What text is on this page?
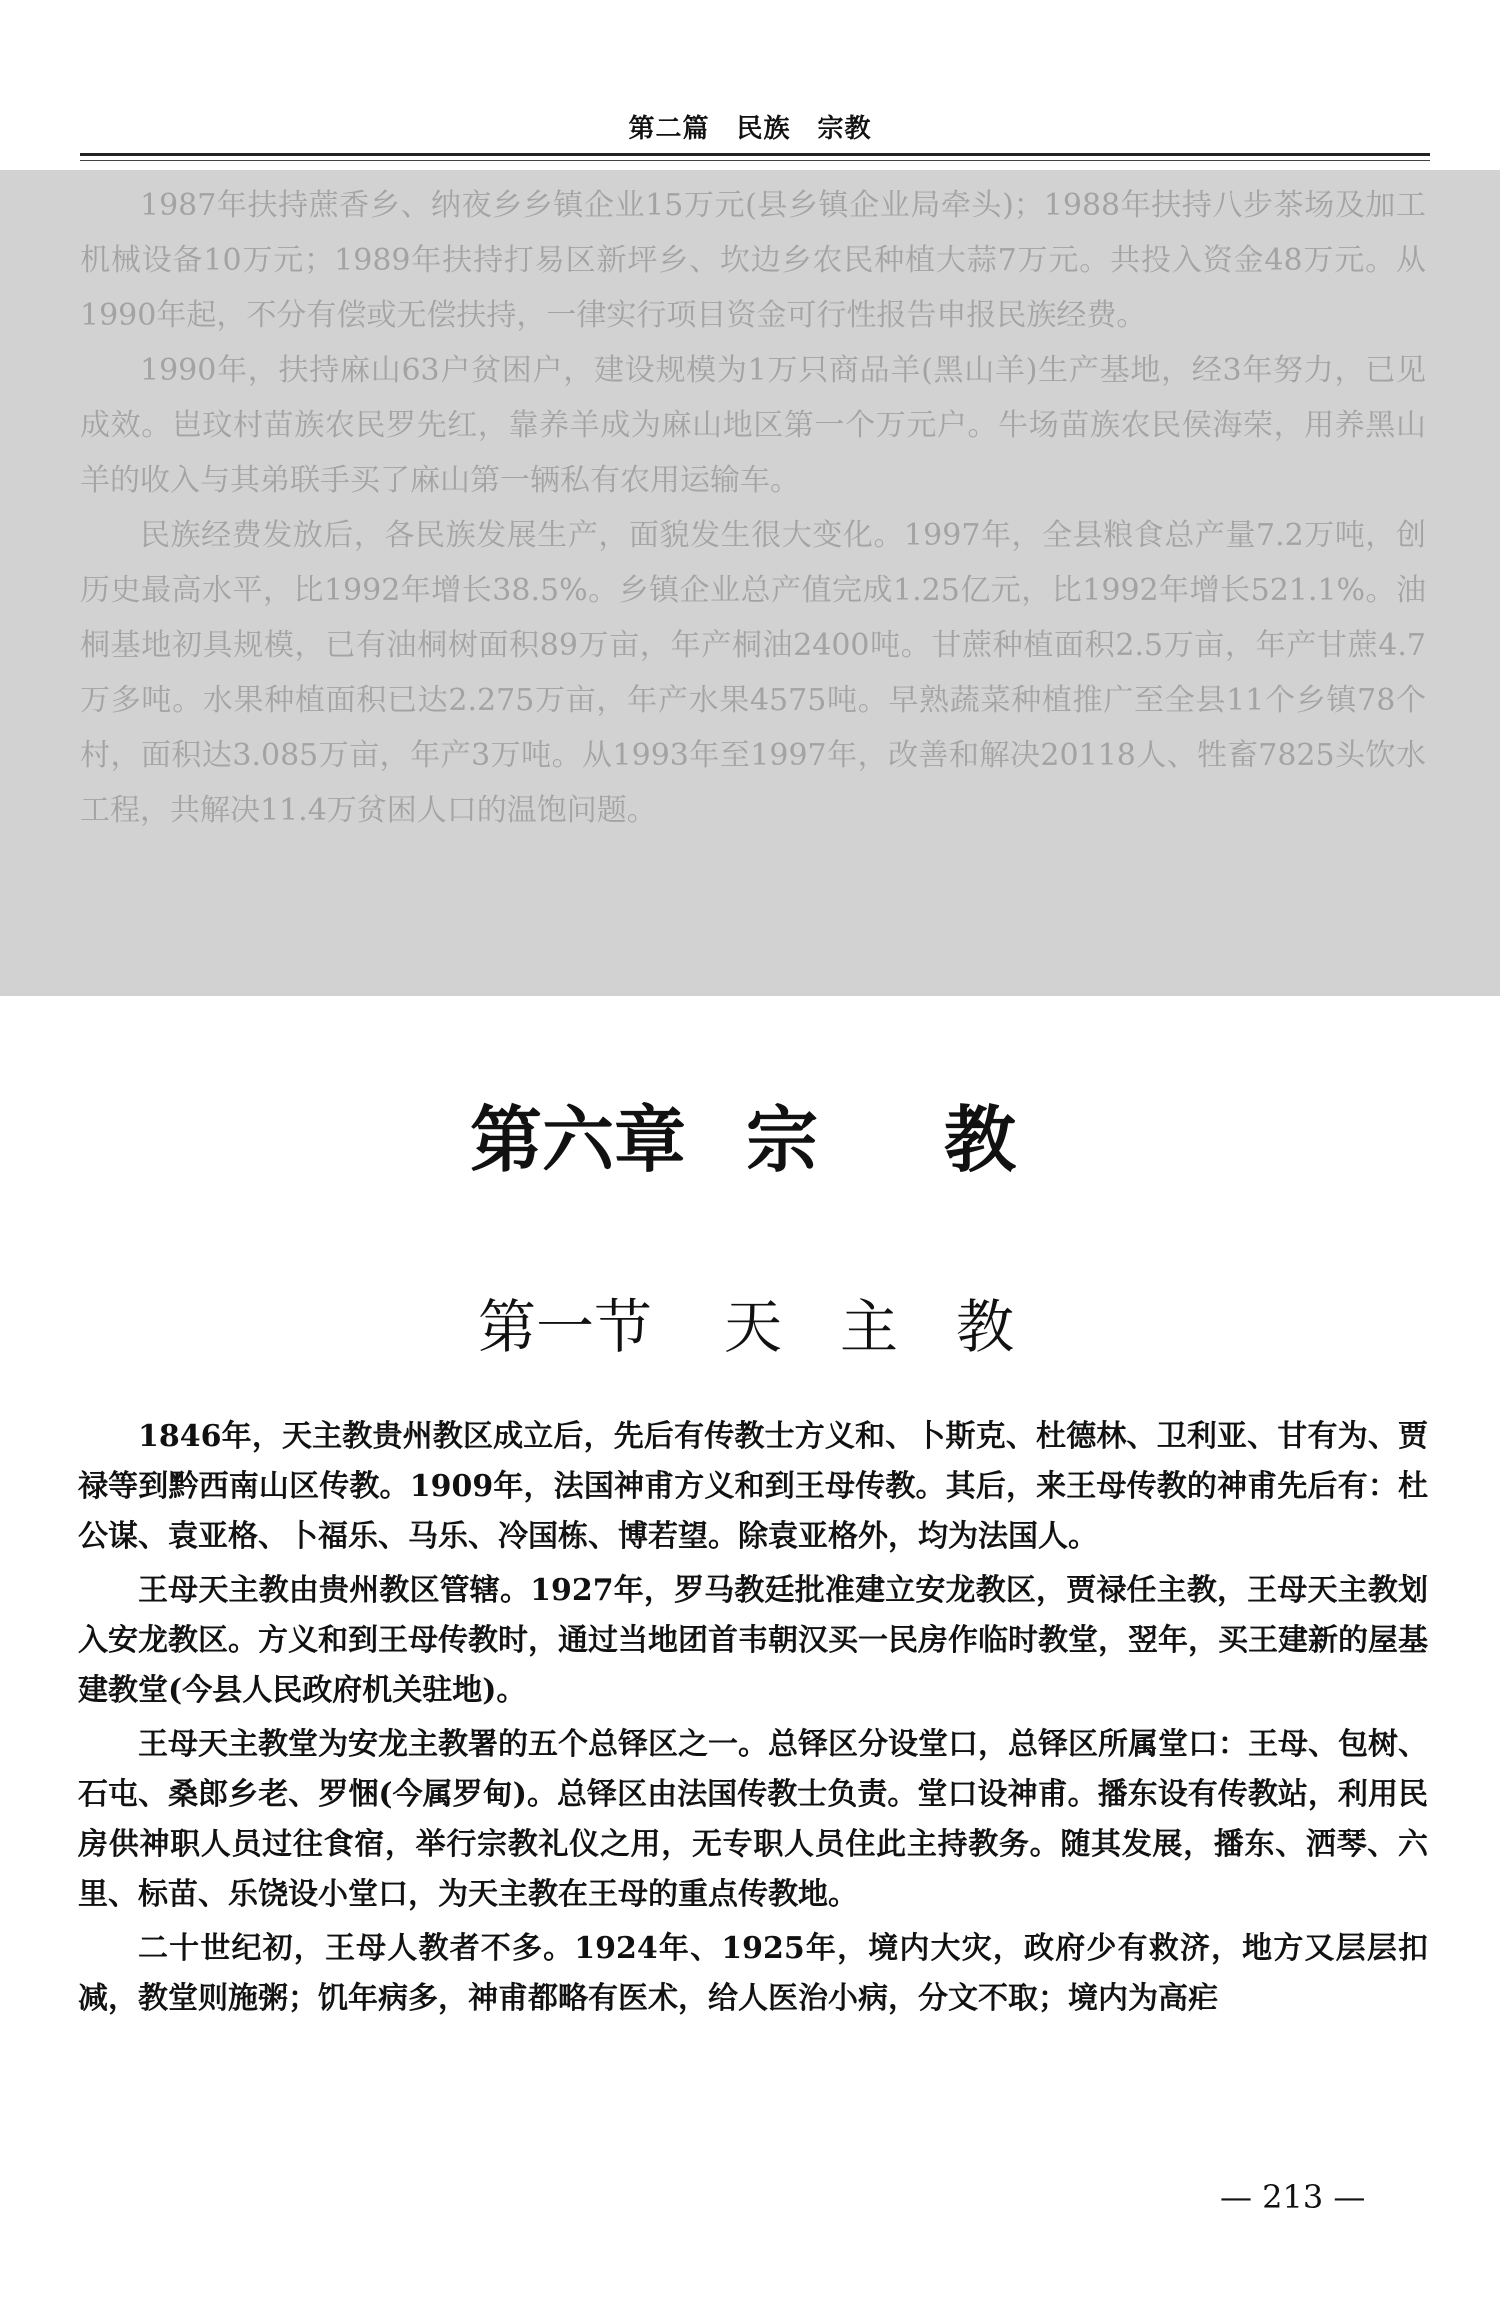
第二篇　民族　宗教

1987年扶持蔗香乡、纳夜乡乡镇企业15万元(县乡镇企业局牵头)；1988年扶持八步茶场及加工机械设备10万元；1989年扶持打易区新坪乡、坎边乡农民种植大蒜7万元。共投入资金48万元。从1990年起，不分有偿或无偿扶持，一律实行项目资金可行性报告申报民族经费。

1990年，扶持麻山63户贫困户，建设规模为1万只商品羊(黑山羊)生产基地，经3年努力，已见成效。岜玟村苗族农民罗先红，靠养羊成为麻山地区第一个万元户。牛场苗族农民侯海荣，用养黑山羊的收入与其弟联手买了麻山第一辆私有农用运输车。

民族经费发放后，各民族发展生产，面貌发生很大变化。1997年，全县粮食总产量7.2万吨，创历史最高水平，比1992年增长38.5%。乡镇企业总产值完成1.25亿元，比1992年增长521.1%。油桐基地初具规模，已有油桐树面积89万亩，年产桐油2400吨。甘蔗种植面积2.5万亩，年产甘蔗4.7万多吨。水果种植面积已达2.275万亩，年产水果4575吨。早熟蔬菜种植推广至全县11个乡镇78个村，面积达3.085万亩，年产3万吨。从1993年至1997年，改善和解决20118人、牲畜7825头饮水工程，共解决11.4万贫困人口的温饱问题。

第六章 宗 教
第一节 天 主 教

1846年，天主教贵州教区成立后，先后有传教士方义和、卜斯克、杜德林、卫利亚、甘有为、贾禄等到黔西南山区传教。1909年，法国神甫方义和到王母传教。其后，来王母传教的神甫先后有：杜公谋、袁亚格、卜福乐、马乐、冷国栋、博若望。除袁亚格外，均为法国人。

王母天主教由贵州教区管辖。1927年，罗马教廷批准建立安龙教区，贾禄任主教，王母天主教划入安龙教区。方义和到王母传教时，通过当地团首韦朝汉买一民房作临时教堂，翌年，买王建新的屋基建教堂(今县人民政府机关驻地)。

王母天主教堂为安龙主教署的五个总铎区之一。总铎区分设堂口，总铎区所属堂口：王母、包树、石屯、桑郎乡老、罗悃(今属罗甸)。总铎区由法国传教士负责。堂口设神甫。播东设有传教站，利用民房供神职人员过往食宿，举行宗教礼仪之用，无专职人员住此主持教务。随其发展，播东、洒琴、六里、标苗、乐饶设小堂口，为天主教在王母的重点传教地。

二十世纪初，王母人教者不多。1924年、1925年，境内大灾，政府少有救济，地方又层层扣减，教堂则施粥；饥年病多，神甫都略有医术，给人医治小病，分文不取；境内为高疟

— 213 —
